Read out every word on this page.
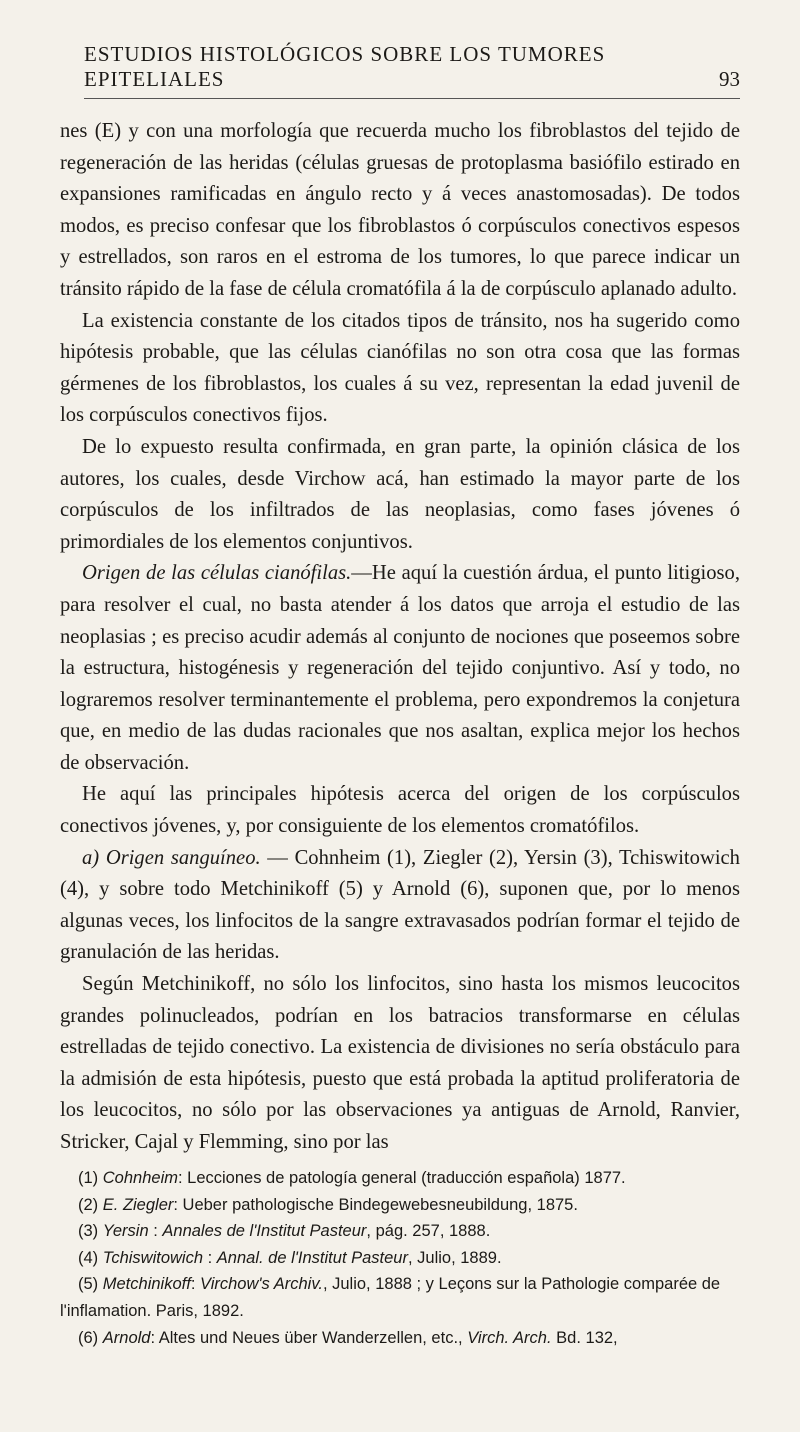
ESTUDIOS HISTOLÓGICOS SOBRE LOS TUMORES EPITELIALES	93

nes (E) y con una morfología que recuerda mucho los fibroblastos del tejido de regeneración de las heridas (células gruesas de protoplasma basiófilo estirado en expansiones ramificadas en ángulo recto y á veces anastomosadas). De todos modos, es preciso confesar que los fibroblastos ó corpúsculos conectivos espesos y estrellados, son raros en el estroma de los tumores, lo que parece indicar un tránsito rápido de la fase de célula cromatófila á la de corpúsculo aplanado adulto.

La existencia constante de los citados tipos de tránsito, nos ha sugerido como hipótesis probable, que las células cianófilas no son otra cosa que las formas gérmenes de los fibroblastos, los cuales á su vez, representan la edad juvenil de los corpúsculos conectivos fijos.

De lo expuesto resulta confirmada, en gran parte, la opinión clásica de los autores, los cuales, desde Virchow acá, han estimado la mayor parte de los corpúsculos de los infiltrados de las neoplasias, como fases jóvenes ó primordiales de los elementos conjuntivos.

Origen de las células cianófilas.—He aquí la cuestión árdua, el punto litigioso, para resolver el cual, no basta atender á los datos que arroja el estudio de las neoplasias ; es preciso acudir además al conjunto de nociones que poseemos sobre la estructura, histogénesis y regeneración del tejido conjuntivo. Así y todo, no lograremos resolver terminantemente el problema, pero expondremos la conjetura que, en medio de las dudas racionales que nos asaltan, explica mejor los hechos de observación.

He aquí las principales hipótesis acerca del origen de los corpúsculos conectivos jóvenes, y, por consiguiente de los elementos cromatófilos.

a) Origen sanguíneo. — Cohnheim (1), Ziegler (2), Yersin (3), Tchiswitowich (4), y sobre todo Metchinikoff (5) y Arnold (6), suponen que, por lo menos algunas veces, los linfocitos de la sangre extravasados podrían formar el tejido de granulación de las heridas.

Según Metchinikoff, no sólo los linfocitos, sino hasta los mismos leucocitos grandes polinucleados, podrían en los batracios transformarse en células estrelladas de tejido conectivo. La existencia de divisiones no sería obstáculo para la admisión de esta hipótesis, puesto que está probada la aptitud proliferatoria de los leucocitos, no sólo por las observaciones ya antiguas de Arnold, Ranvier, Stricker, Cajal y Flemming, sino por las

(1) Cohnheim: Lecciones de patología general (traducción española) 1877.
(2) E. Ziegler: Ueber pathologische Bindegewebesneubildung, 1875.
(3) Yersin : Annales de l'Institut Pasteur, pág. 257, 1888.
(4) Tchiswitowich : Annal. de l'Institut Pasteur, Julio, 1889.
(5) Metchinikoff: Virchow's Archiv., Julio, 1888 ; y Leçons sur la Pathologie comparée de l'inflamation. Paris, 1892.
(6) Arnold: Altes und Neues über Wanderzellen, etc., Virch. Arch. Bd. 132,
